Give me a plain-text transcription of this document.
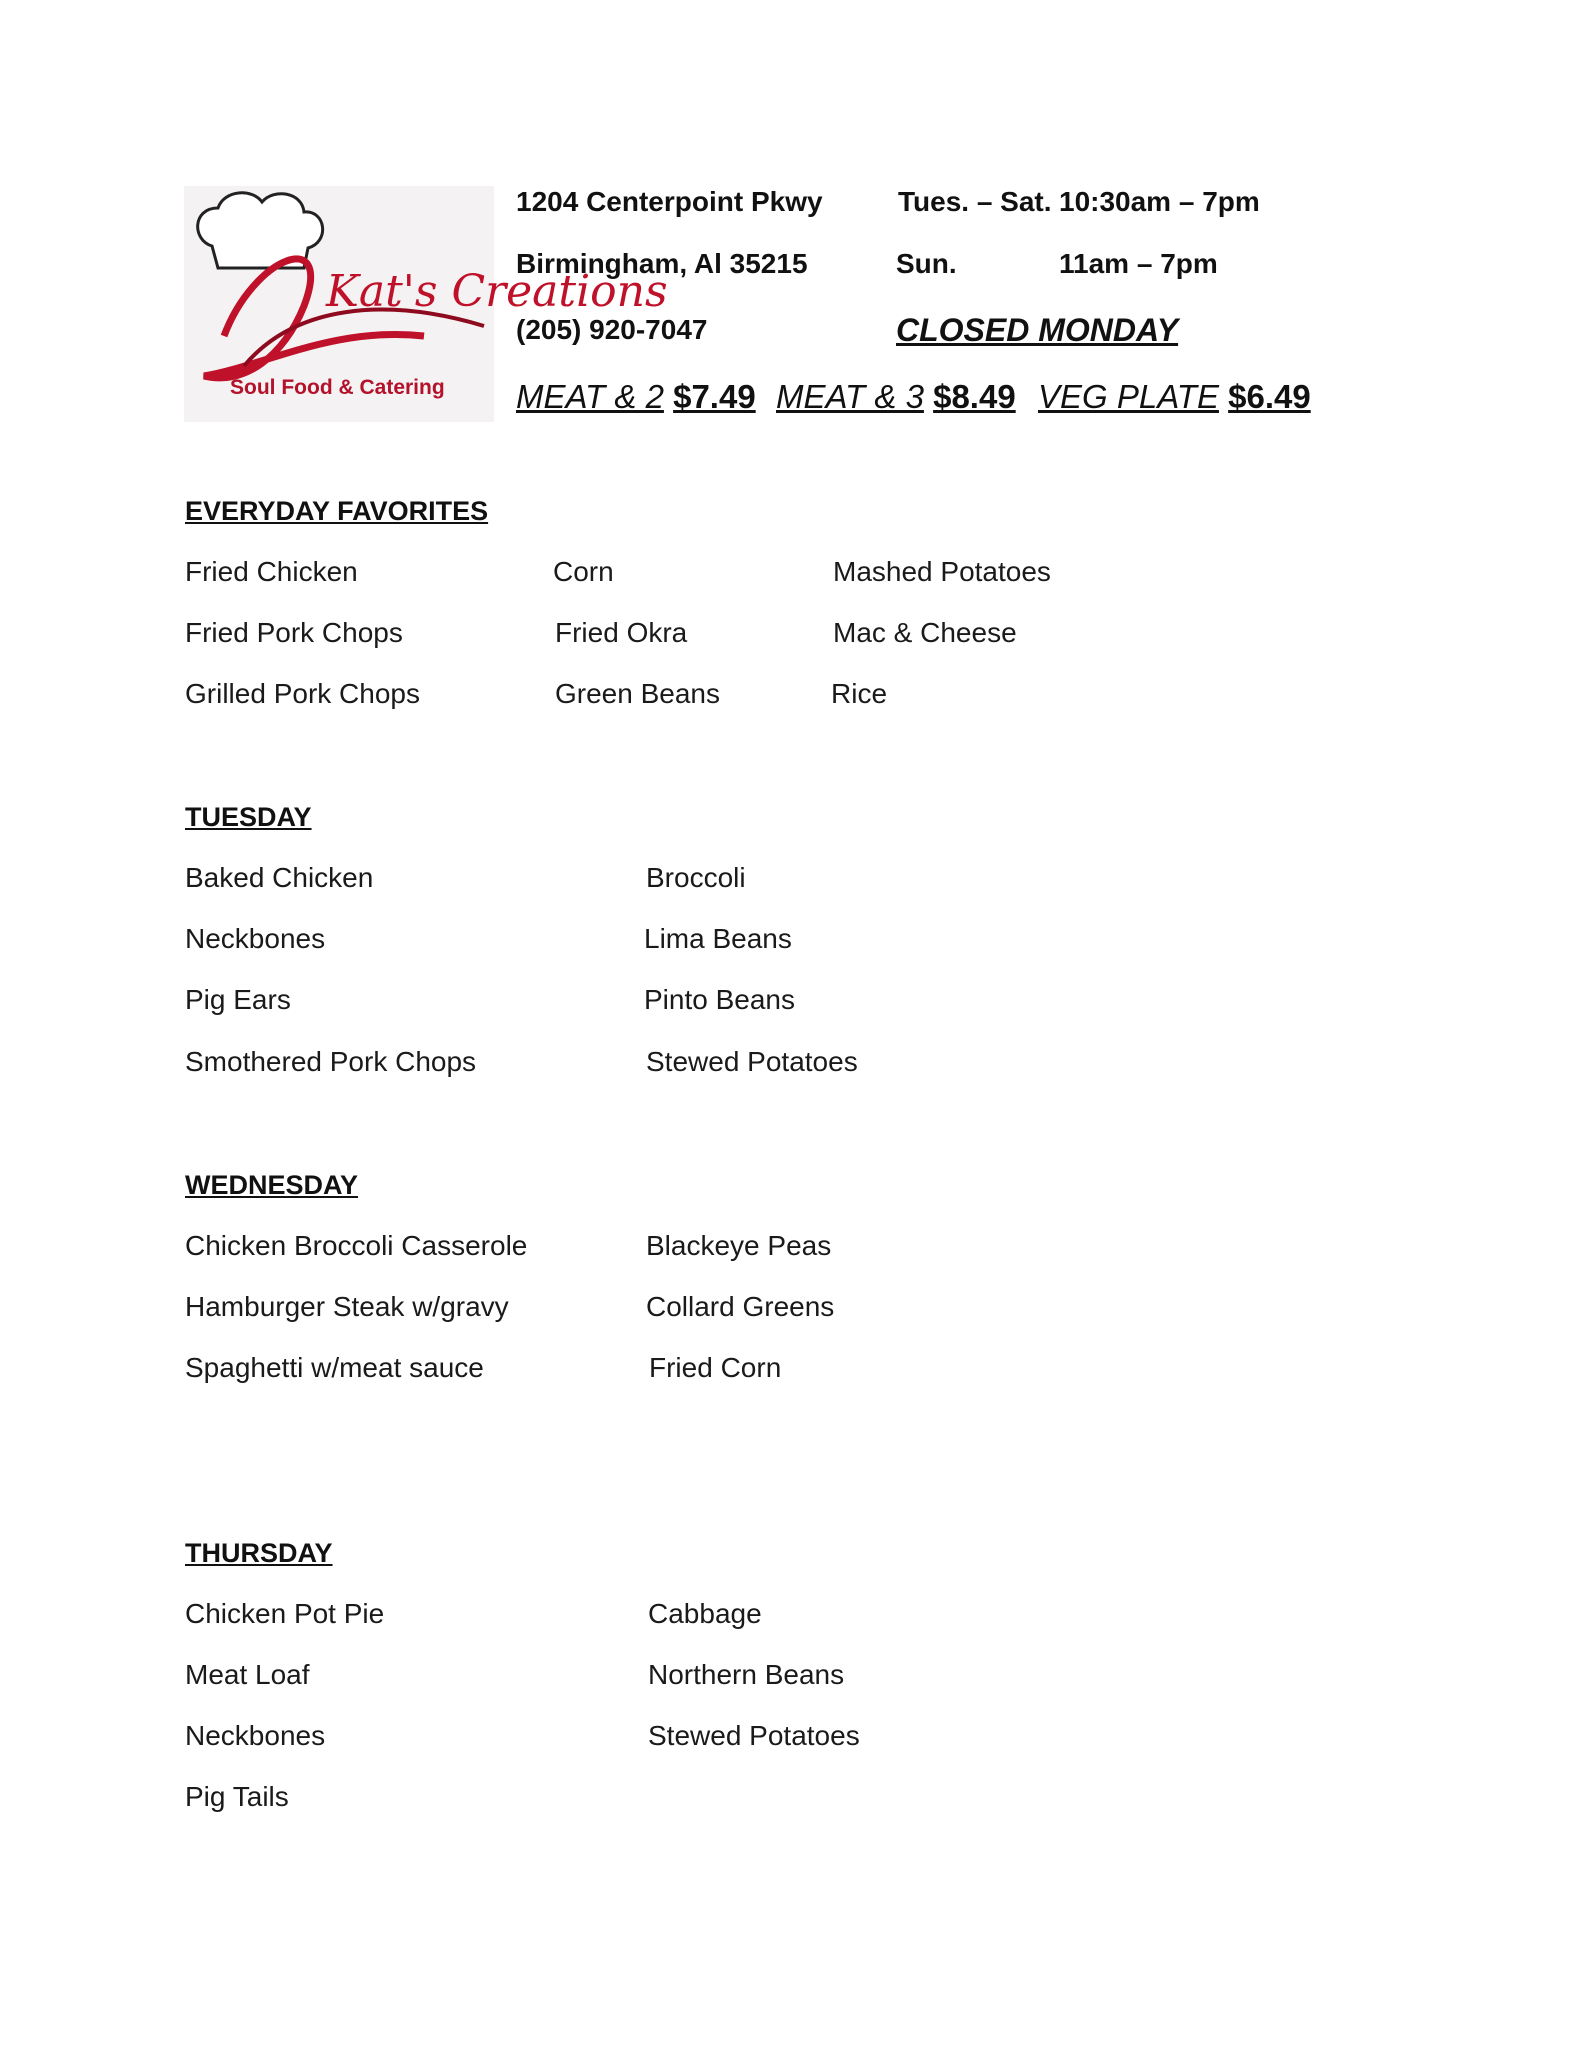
Kat's Creations
Soul Food & Catering
1204 Centerpoint Pkwy
Birmingham, Al 35215
(205) 920-7047
Tues. – Sat. 10:30am – 7pm
Sun.	11am – 7pm
CLOSED MONDAY
MEAT & 2 $7.49 MEAT & 3 $8.49 VEG PLATE $6.49
EVERYDAY FAVORITES
Fried Chicken
Fried Pork Chops
Grilled Pork Chops
Corn
Fried Okra
Green Beans
Mashed Potatoes
Mac & Cheese
Rice
TUESDAY
Baked Chicken
Neckbones
Pig Ears
Smothered Pork Chops
Broccoli
Lima Beans
Pinto Beans
Stewed Potatoes
WEDNESDAY
Chicken Broccoli Casserole
Hamburger Steak w/gravy
Spaghetti w/meat sauce
Blackeye Peas
Collard Greens
Fried Corn
THURSDAY
Chicken Pot Pie
Meat Loaf
Neckbones
Pig Tails
Cabbage
Northern Beans
Stewed Potatoes
